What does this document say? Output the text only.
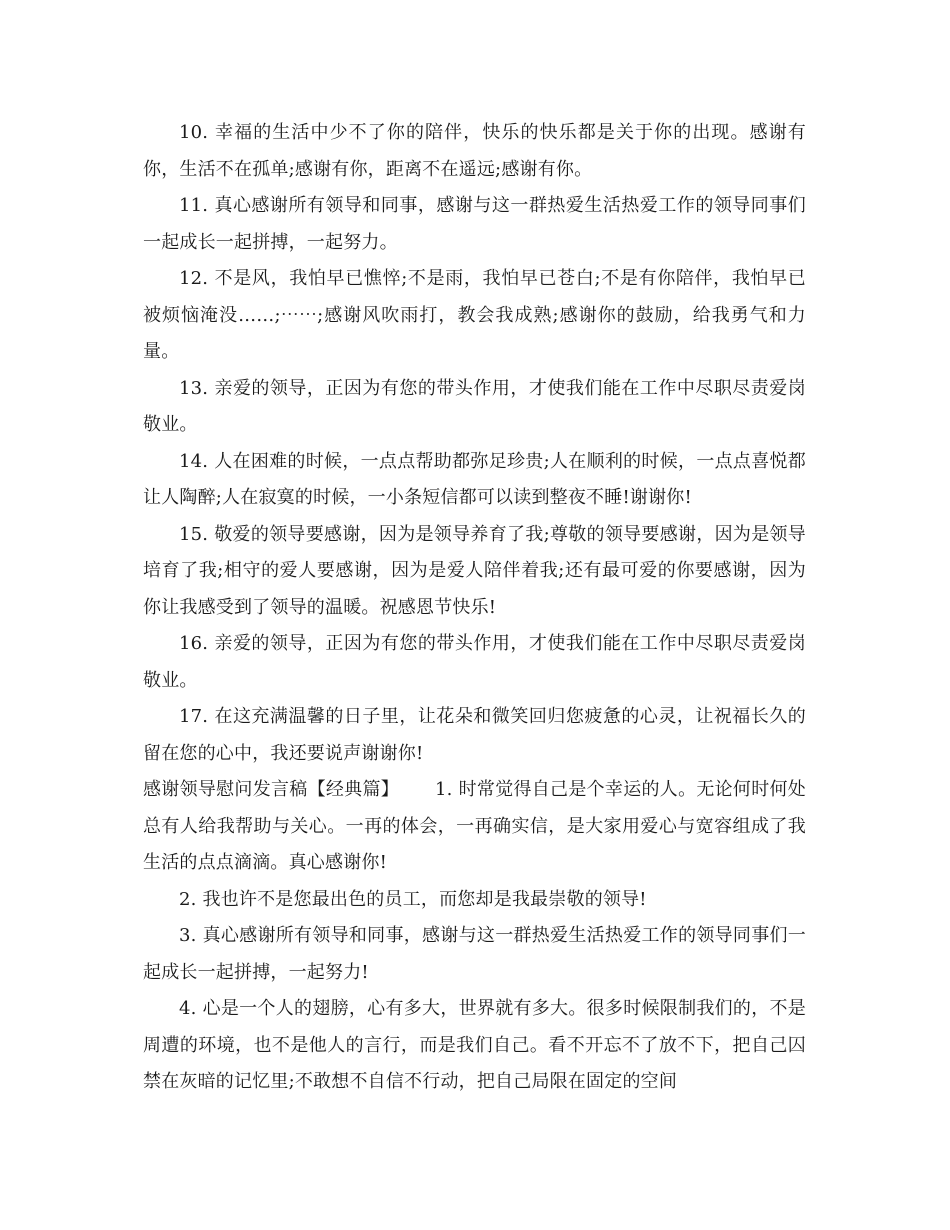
10. 幸福的生活中少不了你的陪伴，快乐的快乐都是关于你的出现。感谢有你，生活不在孤单;感谢有你，距离不在遥远;感谢有你。

11. 真心感谢所有领导和同事，感谢与这一群热爱生活热爱工作的领导同事们一起成长一起拼搏，一起努力。

12. 不是风，我怕早已憔悴;不是雨，我怕早已苍白;不是有你陪伴，我怕早已被烦恼淹没……;⋯⋯;感谢风吹雨打，教会我成熟;感谢你的鼓励，给我勇气和力量。

13. 亲爱的领导，正因为有您的带头作用，才使我们能在工作中尽职尽责爱岗敬业。

14. 人在困难的时候，一点点帮助都弥足珍贵;人在顺利的时候，一点点喜悦都让人陶醉;人在寂寞的时候，一小条短信都可以读到整夜不睡!谢谢你!

15. 敬爱的领导要感谢，因为是领导养育了我;尊敬的领导要感谢，因为是领导培育了我;相守的爱人要感谢，因为是爱人陪伴着我;还有最可爱的你要感谢，因为你让我感受到了领导的温暖。祝感恩节快乐!

16. 亲爱的领导，正因为有您的带头作用，才使我们能在工作中尽职尽责爱岗敬业。

17. 在这充满温馨的日子里，让花朵和微笑回归您疲惫的心灵，让祝福长久的留在您的心中，我还要说声谢谢你!

感谢领导慰问发言稿【经典篇】 1. 时常觉得自己是个幸运的人。无论何时何处总有人给我帮助与关心。一再的体会，一再确实信，是大家用爱心与宽容组成了我生活的点点滴滴。真心感谢你!

2. 我也许不是您最出色的员工，而您却是我最崇敬的领导!

3. 真心感谢所有领导和同事，感谢与这一群热爱生活热爱工作的领导同事们一起成长一起拼搏，一起努力!

4. 心是一个人的翅膀，心有多大，世界就有多大。很多时候限制我们的，不是周遭的环境，也不是他人的言行，而是我们自己。看不开忘不了放不下，把自己囚禁在灰暗的记忆里;不敢想不自信不行动，把自己局限在固定的空间
